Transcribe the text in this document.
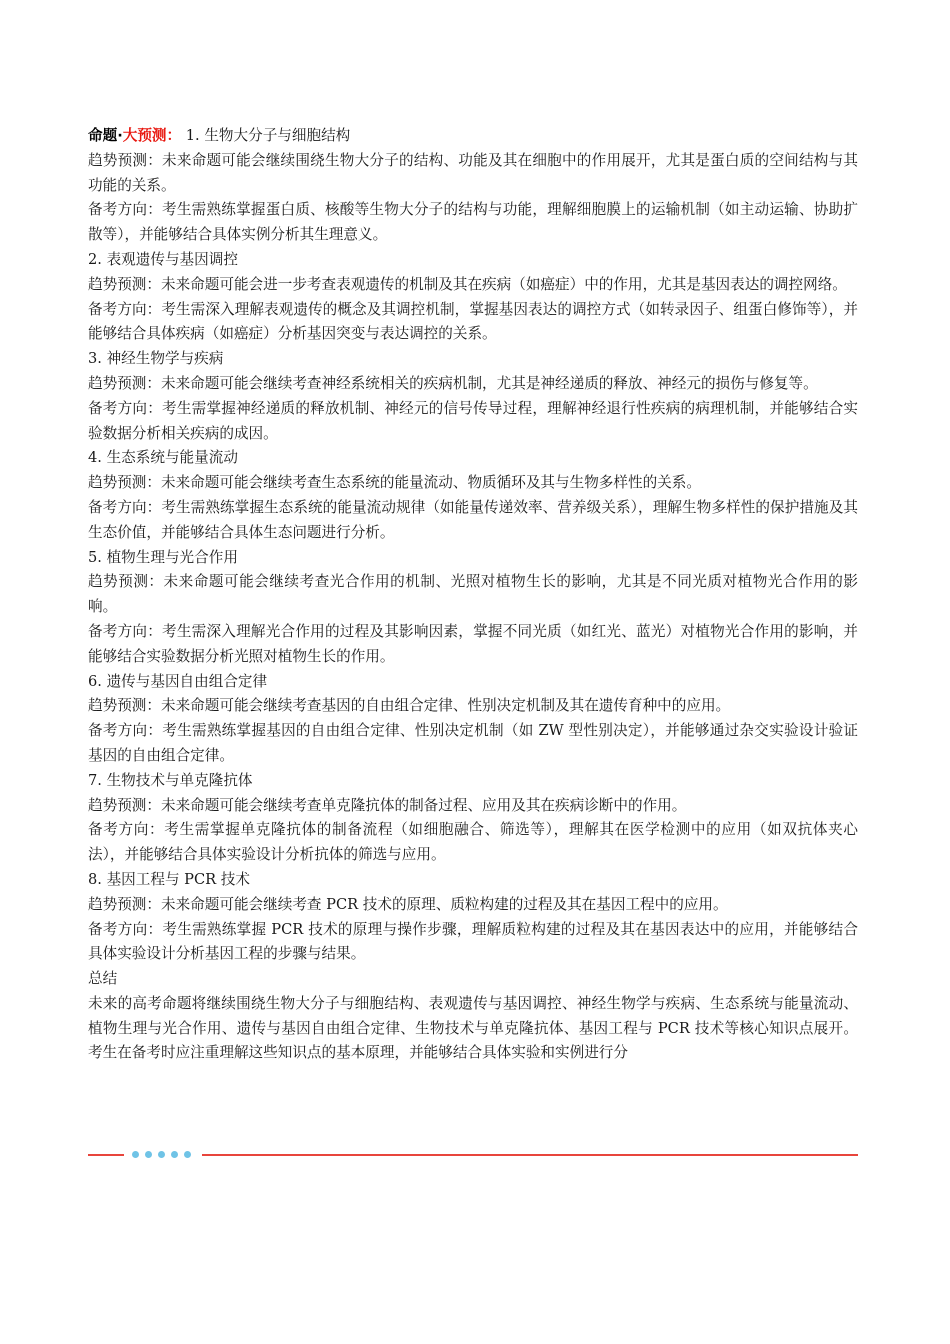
命题·大预测： 1. 生物大分子与细胞结构

趋势预测：未来命题可能会继续围绕生物大分子的结构、功能及其在细胞中的作用展开，尤其是蛋白质的空间结构与其功能的关系。

备考方向：考生需熟练掌握蛋白质、核酸等生物大分子的结构与功能，理解细胞膜上的运输机制（如主动运输、协助扩散等），并能够结合具体实例分析其生理意义。

2. 表观遗传与基因调控

趋势预测：未来命题可能会进一步考查表观遗传的机制及其在疾病（如癌症）中的作用，尤其是基因表达的调控网络。

备考方向：考生需深入理解表观遗传的概念及其调控机制，掌握基因表达的调控方式（如转录因子、组蛋白修饰等），并能够结合具体疾病（如癌症）分析基因突变与表达调控的关系。

3. 神经生物学与疾病

趋势预测：未来命题可能会继续考查神经系统相关的疾病机制，尤其是神经递质的释放、神经元的损伤与修复等。

备考方向：考生需掌握神经递质的释放机制、神经元的信号传导过程，理解神经退行性疾病的病理机制，并能够结合实验数据分析相关疾病的成因。

4. 生态系统与能量流动

趋势预测：未来命题可能会继续考查生态系统的能量流动、物质循环及其与生物多样性的关系。

备考方向：考生需熟练掌握生态系统的能量流动规律（如能量传递效率、营养级关系），理解生物多样性的保护措施及其生态价值，并能够结合具体生态问题进行分析。

5. 植物生理与光合作用

趋势预测：未来命题可能会继续考查光合作用的机制、光照对植物生长的影响，尤其是不同光质对植物光合作用的影响。

备考方向：考生需深入理解光合作用的过程及其影响因素，掌握不同光质（如红光、蓝光）对植物光合作用的影响，并能够结合实验数据分析光照对植物生长的作用。

6. 遗传与基因自由组合定律

趋势预测：未来命题可能会继续考查基因的自由组合定律、性别决定机制及其在遗传育种中的应用。

备考方向：考生需熟练掌握基因的自由组合定律、性别决定机制（如 ZW 型性别决定），并能够通过杂交实验设计验证基因的自由组合定律。

7. 生物技术与单克隆抗体

趋势预测：未来命题可能会继续考查单克隆抗体的制备过程、应用及其在疾病诊断中的作用。

备考方向：考生需掌握单克隆抗体的制备流程（如细胞融合、筛选等），理解其在医学检测中的应用（如双抗体夹心法），并能够结合具体实验设计分析抗体的筛选与应用。

8. 基因工程与 PCR 技术

趋势预测：未来命题可能会继续考查 PCR 技术的原理、质粒构建的过程及其在基因工程中的应用。

备考方向：考生需熟练掌握 PCR 技术的原理与操作步骤，理解质粒构建的过程及其在基因表达中的应用，并能够结合具体实验设计分析基因工程的步骤与结果。

总结

未来的高考命题将继续围绕生物大分子与细胞结构、表观遗传与基因调控、神经生物学与疾病、生态系统与能量流动、植物生理与光合作用、遗传与基因自由组合定律、生物技术与单克隆抗体、基因工程与 PCR 技术等核心知识点展开。考生在备考时应注重理解这些知识点的基本原理，并能够结合具体实验和实例进行分
